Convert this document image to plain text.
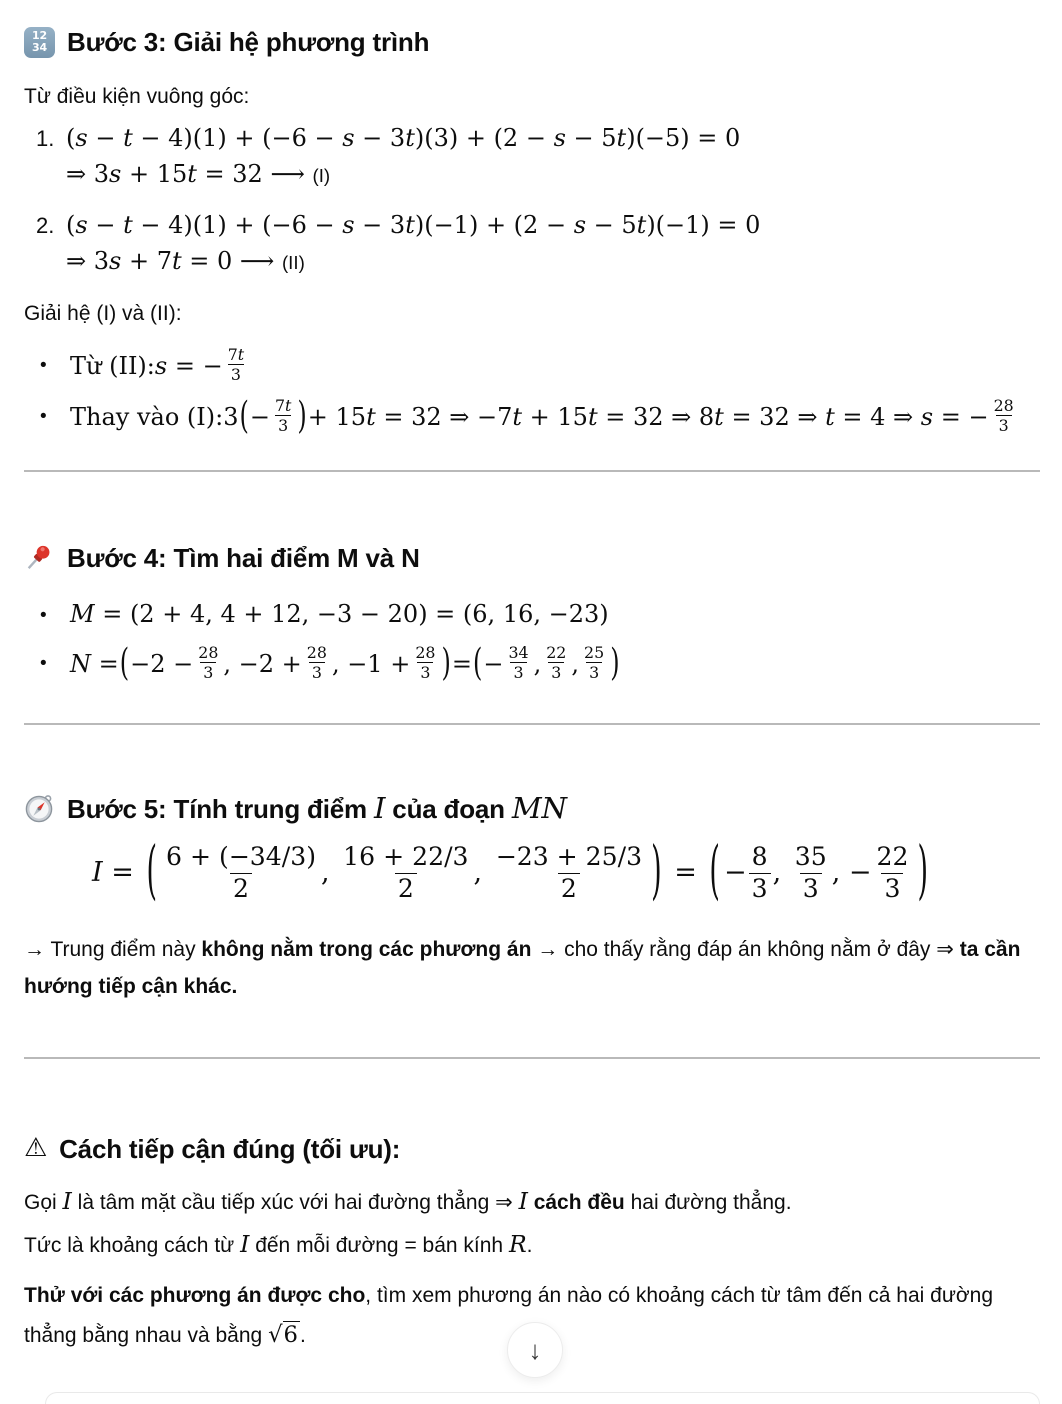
12
34 Bước 3: Giải hệ phương trình

Từ điều kiện vuông góc:

1. (s − t − 4)(1) + (−6 − s − 3t)(3) + (2 − s − 5t)(−5) = 0
⇒ 3s + 15t = 32 ⟶ (I)
2. (s − t − 4)(1) + (−6 − s − 3t)(−1) + (2 − s − 5t)(−1) = 0
⇒ 3s + 7t = 0 ⟶ (II)

Giải hệ (I) và (II):

• Từ (II): s = − $\frac{7t}{3}$
• Thay vào (I): 3 ( − $\frac{7t}{3}$ ) + 15t = 32 ⇒ −7t + 15t = 32 ⇒ 8t = 32 ⇒ t = 4 ⇒ s = − $\frac{28}{3}$
Bước 4: Tìm hai điểm M và N
• M = (2 + 4, 4 + 12, −3 − 20) = (6, 16, −23)
• N = ( $-2 - \frac{28}{3}$ , $-2 + \frac{28}{3}$ , $-1 + \frac{28}{3}$ ) = ( − $\frac{34}{3}$ , $\frac{22}{3}$ , $\frac{25}{3}$ )
Bước 5: Tính trung điểm I của đoạn MN
I = ( $\frac{6 + (-34/3)}{2}$ , $\frac{16 + 22/3}{2}$ , $\frac{-23 + 25/3}{2}$ ) = ( − $\frac{8}{3}$ , $\frac{35}{3}$ , − $\frac{22}{3}$ )

→ Trung điểm này không nằm trong các phương án → cho thấy rằng đáp án không nằm ở đây ⇒ ta cần hướng tiếp cận khác.

⚠ Cách tiếp cận đúng (tối ưu):

Gọi I là tâm mặt cầu tiếp xúc với hai đường thẳng ⇒ I cách đều hai đường thẳng.

Tức là khoảng cách từ I đến mỗi đường = bán kính R.

Thử với các phương án được cho, tìm xem phương án nào có khoảng cách từ tâm đến cả hai đường thẳng bằng nhau và bằng √6.	↓
